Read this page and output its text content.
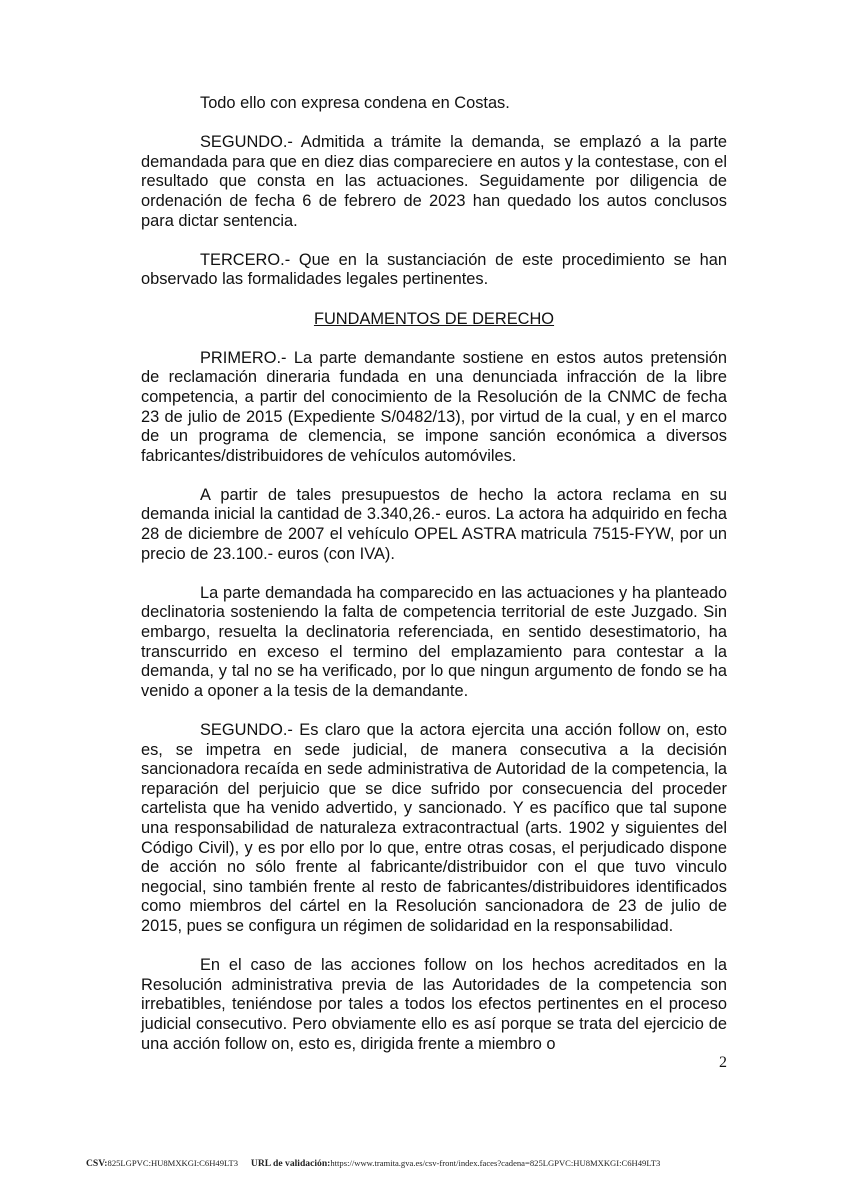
Todo ello con expresa condena en Costas.

SEGUNDO.- Admitida a trámite la demanda, se emplazó a la parte demandada para que en diez dias compareciere en autos y la contestase, con el resultado que consta en las actuaciones. Seguidamente por diligencia de ordenación de fecha 6 de febrero de 2023 han quedado los autos conclusos para dictar sentencia.

TERCERO.- Que en la sustanciación de este procedimiento se han observado las formalidades legales pertinentes.

FUNDAMENTOS DE DERECHO

PRIMERO.- La parte demandante sostiene en estos autos pretensión de reclamación dineraria fundada en una denunciada infracción de la libre competencia, a partir del conocimiento de la Resolución de la CNMC de fecha 23 de julio de 2015 (Expediente S/0482/13), por virtud de la cual, y en el marco de un programa de clemencia, se impone sanción económica a diversos fabricantes/distribuidores de vehículos automóviles.

A partir de tales presupuestos de hecho la actora reclama en su demanda inicial la cantidad de 3.340,26.- euros. La actora ha adquirido en fecha 28 de diciembre de 2007 el vehículo OPEL ASTRA matricula 7515-FYW, por un precio de 23.100.- euros (con IVA).

La parte demandada ha comparecido en las actuaciones y ha planteado declinatoria sosteniendo la falta de competencia territorial de este Juzgado. Sin embargo, resuelta la declinatoria referenciada, en sentido desestimatorio, ha transcurrido en exceso el termino del emplazamiento para contestar a la demanda, y tal no se ha verificado, por lo que ningun argumento de fondo se ha venido a oponer a la tesis de la demandante.

SEGUNDO.- Es claro que la actora ejercita una acción follow on, esto es, se impetra en sede judicial, de manera consecutiva a la decisión sancionadora recaída en sede administrativa de Autoridad de la competencia, la reparación del perjuicio que se dice sufrido por consecuencia del proceder cartelista que ha venido advertido, y sancionado. Y es pacífico que tal supone una responsabilidad de naturaleza extracontractual (arts. 1902 y siguientes del Código Civil), y es por ello por lo que, entre otras cosas, el perjudicado dispone de acción no sólo frente al fabricante/distribuidor con el que tuvo vinculo negocial, sino también frente al resto de fabricantes/distribuidores identificados como miembros del cártel en la Resolución sancionadora de 23 de julio de 2015, pues se configura un régimen de solidaridad en la responsabilidad.

En el caso de las acciones follow on los hechos acreditados en la Resolución administrativa previa de las Autoridades de la competencia son irrebatibles, teniéndose por tales a todos los efectos pertinentes en el proceso judicial consecutivo. Pero obviamente ello es así porque se trata del ejercicio de una acción follow on, esto es, dirigida frente a miembro o

2
CSV:825LGPVC:HU8MXKGI:C6H49LT3 URL de validación:https://www.tramita.gva.es/csv-front/index.faces?cadena=825LGPVC:HU8MXKGI:C6H49LT3
